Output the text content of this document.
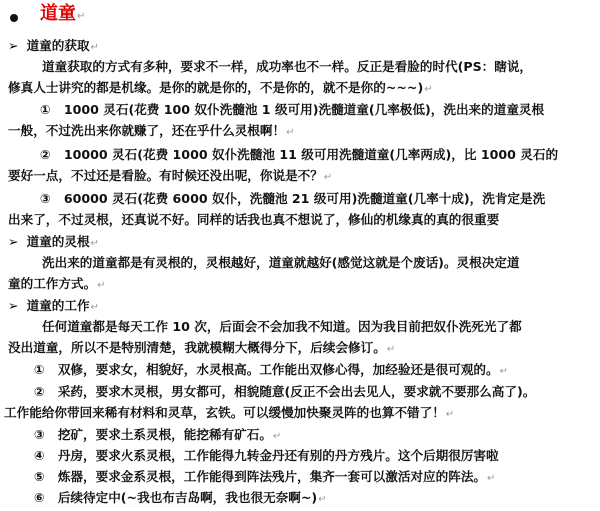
道童↵
➢ 道童的获取↵
道童获取的方式有多种，要求不一样，成功率也不一样。反正是看脸的时代(PS：瞎说，
修真人士讲究的都是机缘。是你的就是你的，不是你的，就不是你的~~~)↵
① 1000 灵石(花费 100 奴仆洗髓池 1 级可用)洗髓道童(几率极低)，洗出来的道童灵根
一般，不过洗出来你就赚了，还在乎什么灵根啊！↵
② 10000 灵石(花费 1000 奴仆洗髓池 11 级可用洗髓道童(几率两成)，比 1000 灵石的
要好一点，不过还是看脸。有时候还没出呢，你说是不？↵
③ 60000 灵石(花费 6000 奴仆，洗髓池 21 级可用)洗髓道童(几率十成)，洗肯定是洗
出来了，不过灵根，还真说不好。同样的话我也真不想说了，修仙的机缘真的真的很重要
➢ 道童的灵根↵
洗出来的道童都是有灵根的，灵根越好，道童就越好(感觉这就是个废话)。灵根决定道
童的工作方式。↵
➢ 道童的工作↵
任何道童都是每天工作 10 次，后面会不会加我不知道。因为我目前把奴仆洗死光了都
没出道童，所以不是特别清楚，我就模糊大概得分下，后续会修订。↵
① 双修，要求女，相貌好，水灵根高。工作能出双修心得，加经验还是很可观的。↵
② 采药，要求木灵根，男女都可，相貌随意(反正不会出去见人，要求就不要那么高了)。
工作能给你带回来稀有材料和灵草，玄铁。可以缓慢加快聚灵阵的也算不错了！↵
③ 挖矿，要求土系灵根，能挖稀有矿石。↵
④ 丹房，要求火系灵根，工作能得九转金丹还有别的丹方残片。这个后期很厉害啦
⑤ 炼器，要求金系灵根，工作能得到阵法残片，集齐一套可以激活对应的阵法。↵
⑥ 后续待定中(~我也布吉岛啊，我也很无奈啊~)↵
